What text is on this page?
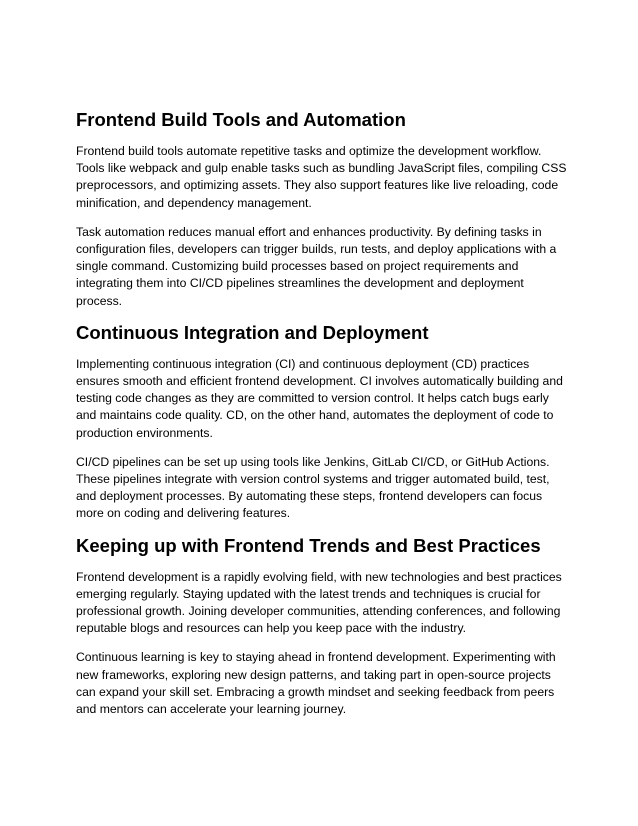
Frontend Build Tools and Automation

Frontend build tools automate repetitive tasks and optimize the development workflow. Tools like webpack and gulp enable tasks such as bundling JavaScript files, compiling CSS preprocessors, and optimizing assets. They also support features like live reloading, code minification, and dependency management.

Task automation reduces manual effort and enhances productivity. By defining tasks in configuration files, developers can trigger builds, run tests, and deploy applications with a single command. Customizing build processes based on project requirements and integrating them into CI/CD pipelines streamlines the development and deployment process.

Continuous Integration and Deployment

Implementing continuous integration (CI) and continuous deployment (CD) practices ensures smooth and efficient frontend development. CI involves automatically building and testing code changes as they are committed to version control. It helps catch bugs early and maintains code quality. CD, on the other hand, automates the deployment of code to production environments.

CI/CD pipelines can be set up using tools like Jenkins, GitLab CI/CD, or GitHub Actions. These pipelines integrate with version control systems and trigger automated build, test, and deployment processes. By automating these steps, frontend developers can focus more on coding and delivering features.

Keeping up with Frontend Trends and Best Practices

Frontend development is a rapidly evolving field, with new technologies and best practices emerging regularly. Staying updated with the latest trends and techniques is crucial for professional growth. Joining developer communities, attending conferences, and following reputable blogs and resources can help you keep pace with the industry.

Continuous learning is key to staying ahead in frontend development. Experimenting with new frameworks, exploring new design patterns, and taking part in open-source projects can expand your skill set. Embracing a growth mindset and seeking feedback from peers and mentors can accelerate your learning journey.
